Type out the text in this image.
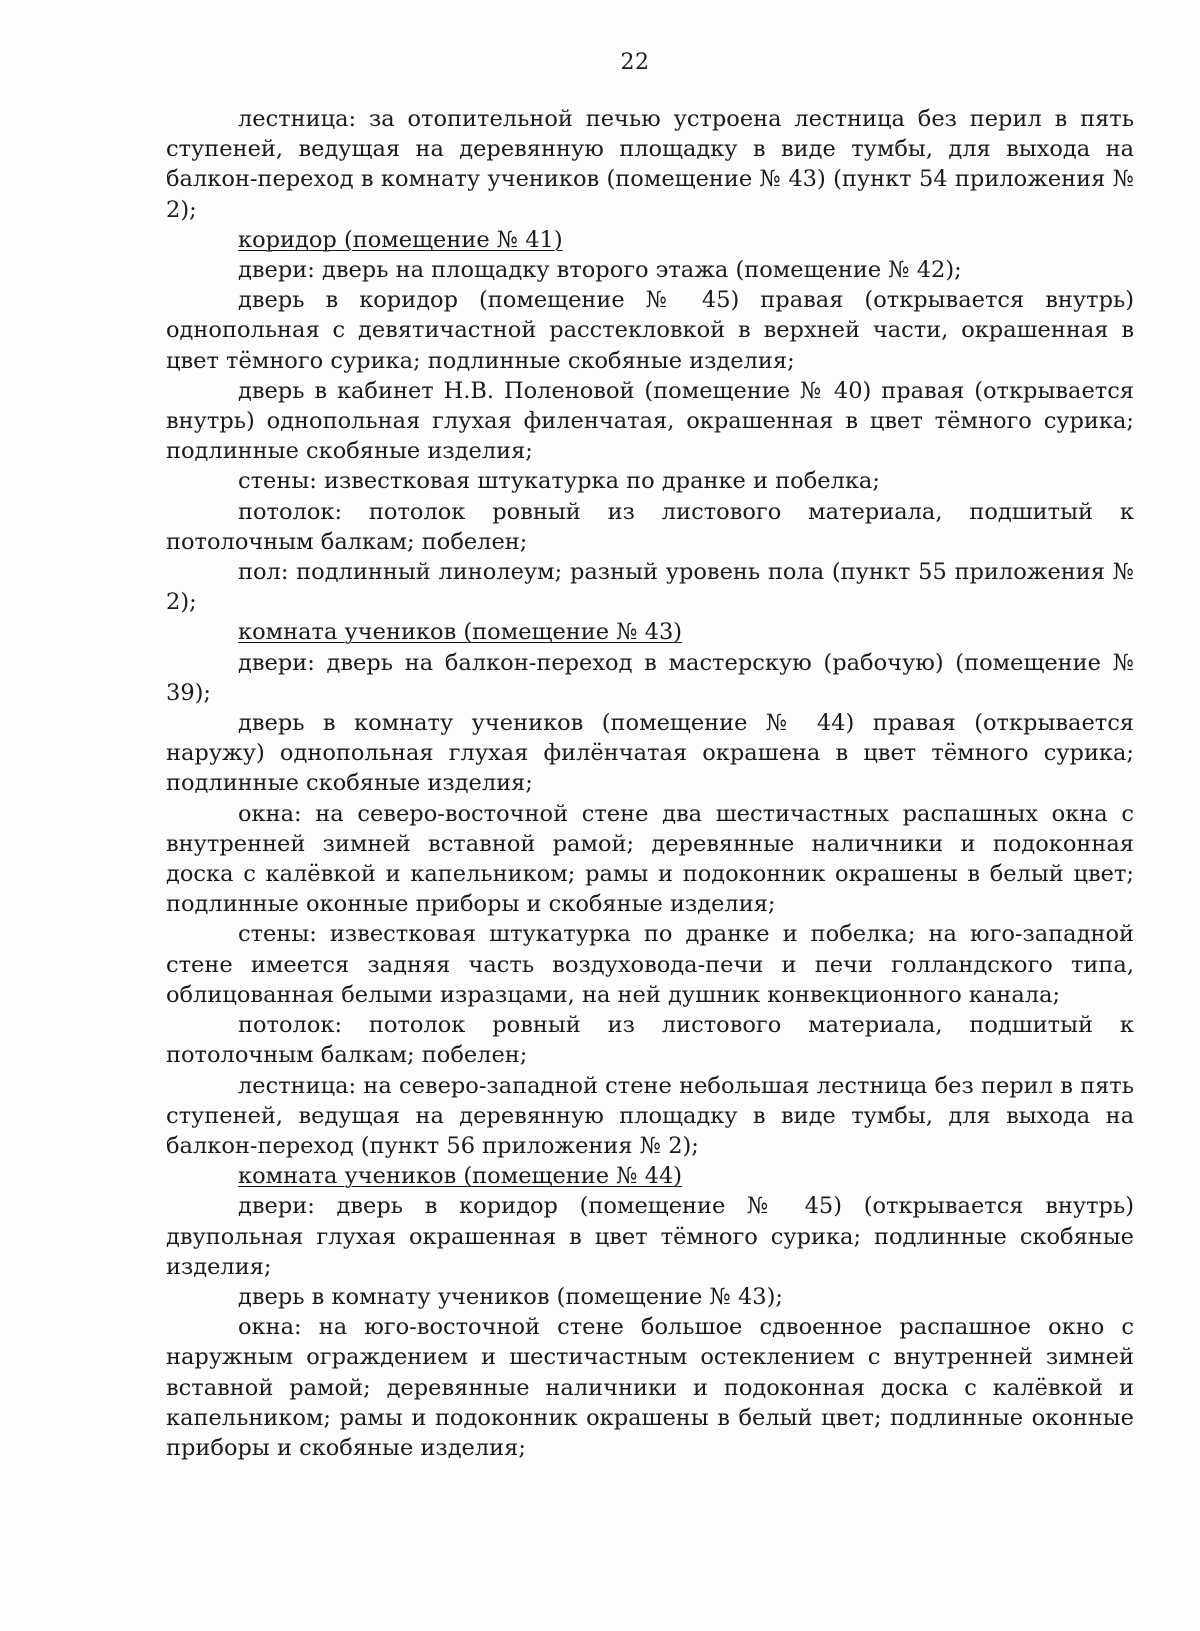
22

лестница: за отопительной печью устроена лестница без перил в пять ступеней, ведущая на деревянную площадку в виде тумбы, для выхода на балкон-переход в комнату учеников (помещение № 43) (пункт 54 приложения № 2);

коридор (помещение № 41)

двери: дверь на площадку второго этажа (помещение № 42);

дверь в коридор (помещение № 45) правая (открывается внутрь) однопольная с девятичастной расстекловкой в верхней части, окрашенная в цвет тёмного сурика; подлинные скобяные изделия;

дверь в кабинет Н.В. Поленовой (помещение № 40) правая (открывается внутрь) однопольная глухая филенчатая, окрашенная в цвет тёмного сурика; подлинные скобяные изделия;

стены: известковая штукатурка по дранке и побелка;

потолок: потолок ровный из листового материала, подшитый к потолочным балкам; побелен;

пол: подлинный линолеум; разный уровень пола (пункт 55 приложения № 2);

комната учеников (помещение № 43)

двери: дверь на балкон-переход в мастерскую (рабочую) (помещение № 39);

дверь в комнату учеников (помещение № 44) правая (открывается наружу) однопольная глухая филёнчатая окрашена в цвет тёмного сурика; подлинные скобяные изделия;

окна: на северо-восточной стене два шестичастных распашных окна с внутренней зимней вставной рамой; деревянные наличники и подоконная доска с калёвкой и капельником; рамы и подоконник окрашены в белый цвет; подлинные оконные приборы и скобяные изделия;

стены: известковая штукатурка по дранке и побелка; на юго-западной стене имеется задняя часть воздуховода-печи и печи голландского типа, облицованная белыми изразцами, на ней душник конвекционного канала;

потолок: потолок ровный из листового материала, подшитый к потолочным балкам; побелен;

лестница: на северо-западной стене небольшая лестница без перил в пять ступеней, ведущая на деревянную площадку в виде тумбы, для выхода на балкон-переход (пункт 56 приложения № 2);

комната учеников (помещение № 44)

двери: дверь в коридор (помещение № 45) (открывается внутрь) двупольная глухая окрашенная в цвет тёмного сурика; подлинные скобяные изделия;

дверь в комнату учеников (помещение № 43);

окна: на юго-восточной стене большое сдвоенное распашное окно с наружным ограждением и шестичастным остеклением с внутренней зимней вставной рамой; деревянные наличники и подоконная доска с калёвкой и капельником; рамы и подоконник окрашены в белый цвет; подлинные оконные приборы и скобяные изделия;
